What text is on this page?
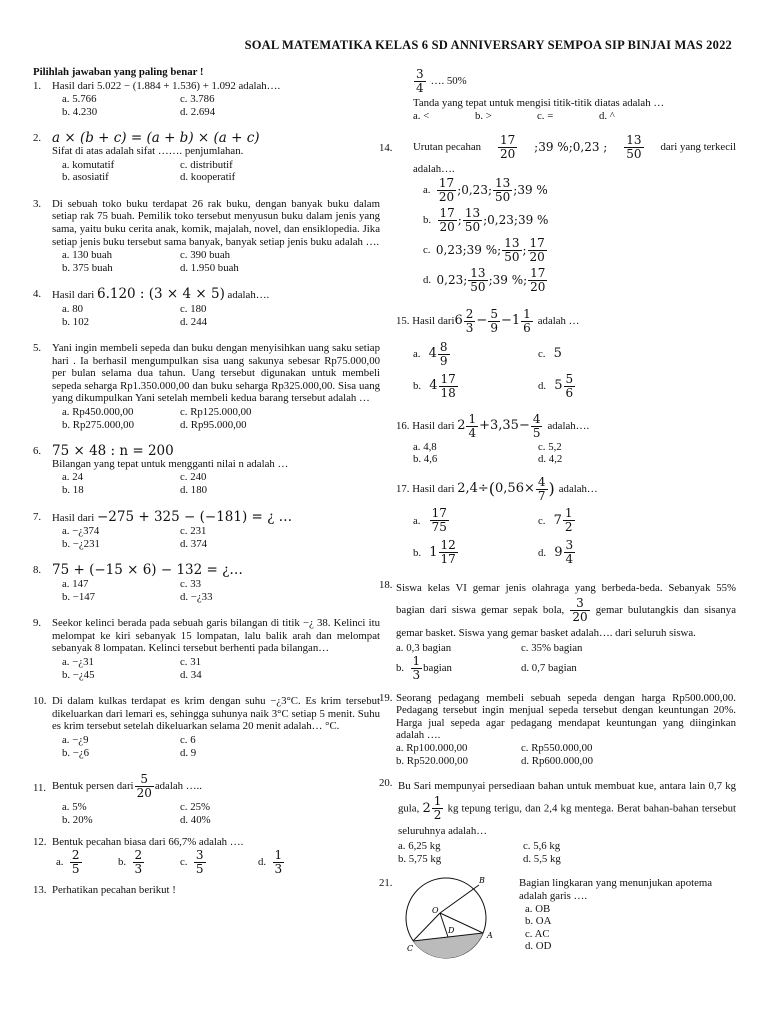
SOAL MATEMATIKA KELAS 6 SD ANNIVERSARY SEMPOA SIP BINJAI MAS 2022
Pilihlah jawaban yang paling benar !
1. Hasil dari 5.022 − (1.884 + 1.536) + 1.092 adalah….
a. 5.766	c. 3.786
b. 4.230	d. 2.694
2. a × (b + c) = (a + b) × (a + c)
Sifat di atas adalah sifat ……. penjumlahan.
a. komutatif	c. distributif
b. asosiatif	d. kooperatif
3. Di sebuah toko buku terdapat 26 rak buku, dengan banyak buku dalam setiap rak 75 buah. Pemilik toko tersebut menyusun buku dalam jenis yang sama, yaitu buku cerita anak, komik, majalah, novel, dan ensiklopedia. Jika setiap jenis buku tersebut sama banyak, banyak setiap jenis buku adalah ….
a. 130 buah	c. 390 buah
b. 375 buah	d. 1.950 buah
4. Hasil dari 6.120 : (3 × 4 × 5) adalah….
a. 80	c. 180
b. 102	d. 244
5. Yani ingin membeli sepeda dan buku dengan menyisihkan uang saku setiap hari . Ia berhasil mengumpulkan sisa uang sakunya sebesar Rp75.000,00 per bulan selama dua tahun. Uang tersebut digunakan untuk membeli sepeda seharga Rp1.350.000,00 dan buku seharga Rp325.000,00. Sisa uang yang dikumpulkan Yani setelah membeli kedua barang tersebut adalah …
a. Rp450.000,00	c. Rp125.000,00
b. Rp275.000,00	d. Rp95.000,00
6. 75 × 48 : n = 200
Bilangan yang tepat untuk mengganti nilai n adalah …
a. 24	c. 240
b. 18	d. 180
7. Hasil dari −275 + 325 − (−181) = ¿ …
a. −¿374	c. 231
b. −¿231	d. 374
8. 75 + (−15 × 6) − 132 = ¿…
a. 147	c. 33
b. −147	d. −¿33
9. Seekor kelinci berada pada sebuah garis bilangan di titik −¿ 38. Kelinci itu melompat ke kiri sebanyak 15 lompatan, lalu balik arah dan melompat sebanyak 8 lompatan. Kelinci tersebut berhenti pada bilangan…
a. −¿31	c. 31
b. −¿45	d. 34
10. Di dalam kulkas terdapat es krim dengan suhu −¿3°C. Es krim tersebut dikeluarkan dari lemari es, sehingga suhunya naik 3°C setiap 5 menit. Suhu es krim tersebut setelah dikeluarkan selama 20 menit adalah… °C.
a. −¿9	c. 6
b. −¿6	d. 9
11. Bentuk persen dari $\frac{5}{20}$ adalah …..
a. 5%	c. 25%
b. 20%	d. 40%
12. Bentuk pecahan biasa dari 66,7% adalah ….
a.
$\frac{2}{5}$	b.
$\frac{2}{3}$	c.
$\frac{3}{5}$	d.
$\frac{1}{3}$
13. Perhatikan pecahan berikut !
$\frac{3}{4}$ …. 50%
Tanda yang tepat untuk mengisi titik-titik diatas adalah …
a. <	b. >	c. =	d. ^
14. Urutan pecahan $\frac{17}{20}$ ;39 %;0,23 ; $\frac{13}{50}$ dari yang terkecil
adalah….
a.
$\frac{17}{20}$ ; 0,23 ; $\frac{13}{50}$ ; 39 %
b.
$\frac{17}{20}$ ; $\frac{13}{50}$ ; 0,23 ; 39 %
c.
0,23 ; 39 % ; $\frac{13}{50}$ ; $\frac{17}{20}$
d.
0,23 ; $\frac{13}{50}$ ; 39 % ; $\frac{17}{20}$
15.
Hasil dari $6 \frac{2}{3} - \frac{5}{9} -1 \frac{1}{6}$ adalah …
a.
$4 \frac{8}{9}$	c.
5
b.
$4 \frac{17}{18}$	d.
$5 \frac{5}{6}$
16.
Hasil dari
$2 \frac{1}{4} +3,35- \frac{4}{5}$ adalah….
a. 4,8	c. 5,2
b. 4,6	d. 4,2
17.
Hasil dari
2,4÷ ( $0,56\times \frac{4}{7}$ ) adalah…
a.
$\frac{17}{75}$	c.
$7 \frac{1}{2}$
b.
$1 \frac{12}{17}$	d.
$9 \frac{3}{4}$
18. Siswa kelas VI gemar jenis olahraga yang berbeda-beda. Sebanyak 55% bagian dari siswa gemar sepak bola, $\frac{3}{20}$ gemar bulutangkis dan sisanya gemar basket. Siswa yang gemar basket adalah…. dari seluruh siswa.
a. 0,3 bagian	c. 35% bagian
b.
$\frac{1}{3}$ bagian	d. 0,7 bagian
19. Seorang pedagang membeli sebuah sepeda dengan harga Rp500.000,00. Pedagang tersebut ingin menjual sepeda tersebut dengan keuntungan 20%. Harga jual sepeda agar pedagang mendapat keuntungan yang diinginkan adalah ….
a. Rp100.000,00	c. Rp550.000,00
b. Rp520.000,00	d. Rp600.000,00
20. Bu Sari mempunyai persediaan bahan untuk membuat kue, antara lain 0,7 kg gula, $2 \frac{1}{2}$ kg tepung terigu, dan 2,4 kg mentega. Berat bahan-bahan tersebut seluruhnya adalah…
a. 6,25 kg	c. 5,6 kg
b. 5,75 kg	d. 5,5 kg
21.	B
O
A
D
C
Bagian lingkaran yang menunjukan apotema adalah garis ….
a. OB
b. OA
c. AC
d. OD
